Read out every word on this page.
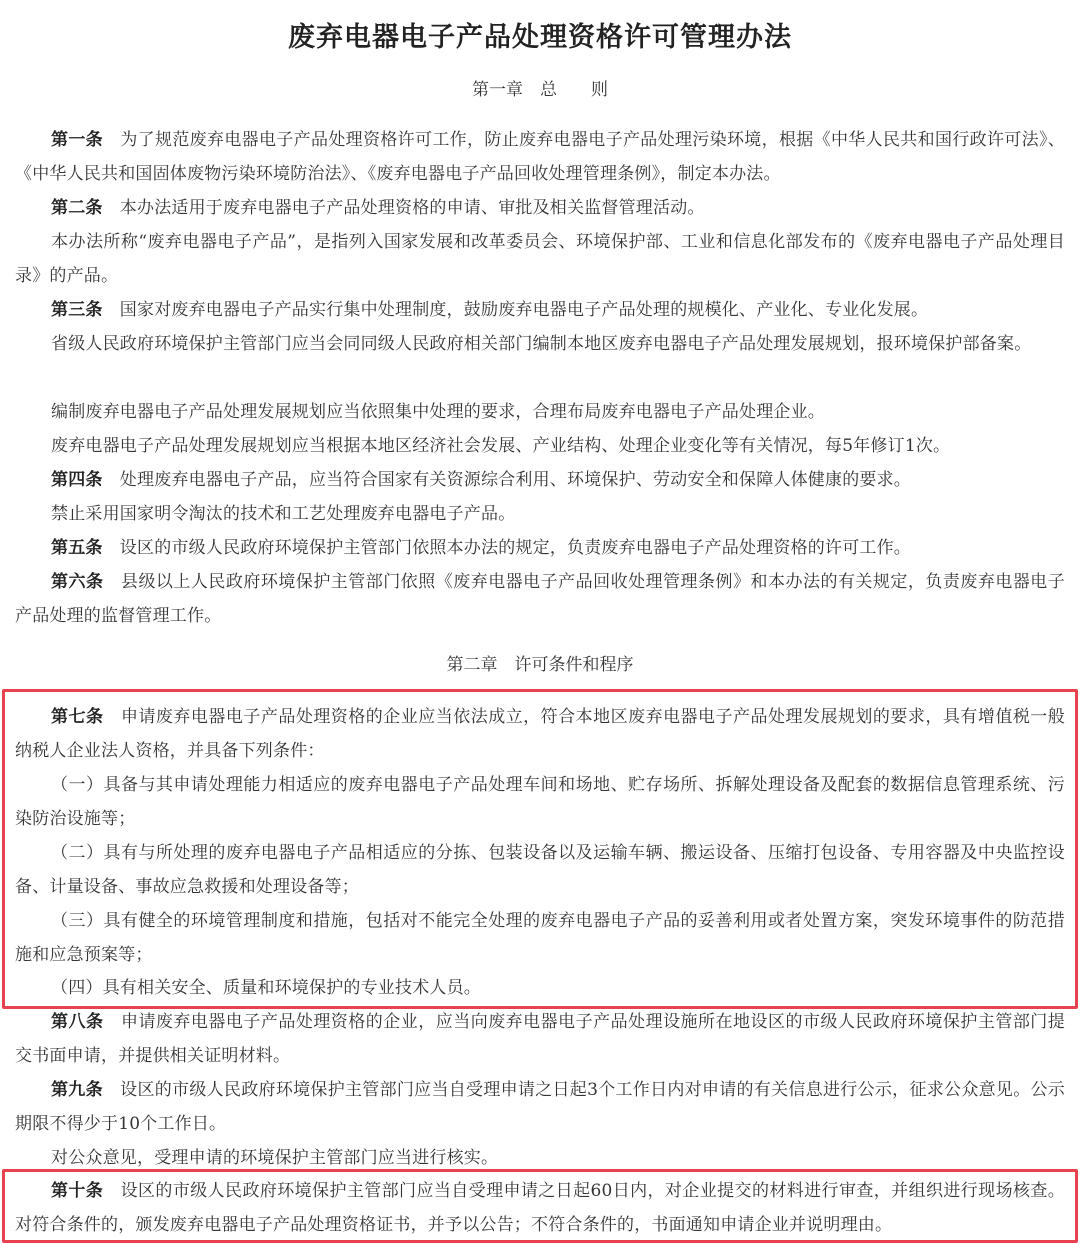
废弃电器电子产品处理资格许可管理办法
第一章　总　　则

第一条　为了规范废弃电器电子产品处理资格许可工作，防止废弃电器电子产品处理污染环境，根据《中华人民共和国行政许可法》、《中华人民共和国固体废物污染环境防治法》、《废弃电器电子产品回收处理管理条例》，制定本办法。

第二条　本办法适用于废弃电器电子产品处理资格的申请、审批及相关监督管理活动。

本办法所称“废弃电器电子产品”，是指列入国家发展和改革委员会、环境保护部、工业和信息化部发布的《废弃电器电子产品处理目录》的产品。

第三条　国家对废弃电器电子产品实行集中处理制度，鼓励废弃电器电子产品处理的规模化、产业化、专业化发展。

省级人民政府环境保护主管部门应当会同同级人民政府相关部门编制本地区废弃电器电子产品处理发展规划，报环境保护部备案。

编制废弃电器电子产品处理发展规划应当依照集中处理的要求，合理布局废弃电器电子产品处理企业。

废弃电器电子产品处理发展规划应当根据本地区经济社会发展、产业结构、处理企业变化等有关情况，每5年修订1次。

第四条　处理废弃电器电子产品，应当符合国家有关资源综合利用、环境保护、劳动安全和保障人体健康的要求。

禁止采用国家明令淘汰的技术和工艺处理废弃电器电子产品。

第五条　设区的市级人民政府环境保护主管部门依照本办法的规定，负责废弃电器电子产品处理资格的许可工作。

第六条　县级以上人民政府环境保护主管部门依照《废弃电器电子产品回收处理管理条例》和本办法的有关规定，负责废弃电器电子产品处理的监督管理工作。

第二章　许可条件和程序

第七条　申请废弃电器电子产品处理资格的企业应当依法成立，符合本地区废弃电器电子产品处理发展规划的要求，具有增值税一般纳税人企业法人资格，并具备下列条件：

（一）具备与其申请处理能力相适应的废弃电器电子产品处理车间和场地、贮存场所、拆解处理设备及配套的数据信息管理系统、污染防治设施等；

（二）具有与所处理的废弃电器电子产品相适应的分拣、包装设备以及运输车辆、搬运设备、压缩打包设备、专用容器及中央监控设备、计量设备、事故应急救援和处理设备等；

（三）具有健全的环境管理制度和措施，包括对不能完全处理的废弃电器电子产品的妥善利用或者处置方案，突发环境事件的防范措施和应急预案等；

（四）具有相关安全、质量和环境保护的专业技术人员。

第八条　申请废弃电器电子产品处理资格的企业，应当向废弃电器电子产品处理设施所在地设区的市级人民政府环境保护主管部门提交书面申请，并提供相关证明材料。

第九条　设区的市级人民政府环境保护主管部门应当自受理申请之日起3个工作日内对申请的有关信息进行公示，征求公众意见。公示期限不得少于10个工作日。

对公众意见，受理申请的环境保护主管部门应当进行核实。

第十条　设区的市级人民政府环境保护主管部门应当自受理申请之日起60日内，对企业提交的材料进行审查，并组织进行现场核查。对符合条件的，颁发废弃电器电子产品处理资格证书，并予以公告；不符合条件的，书面通知申请企业并说明理由。
